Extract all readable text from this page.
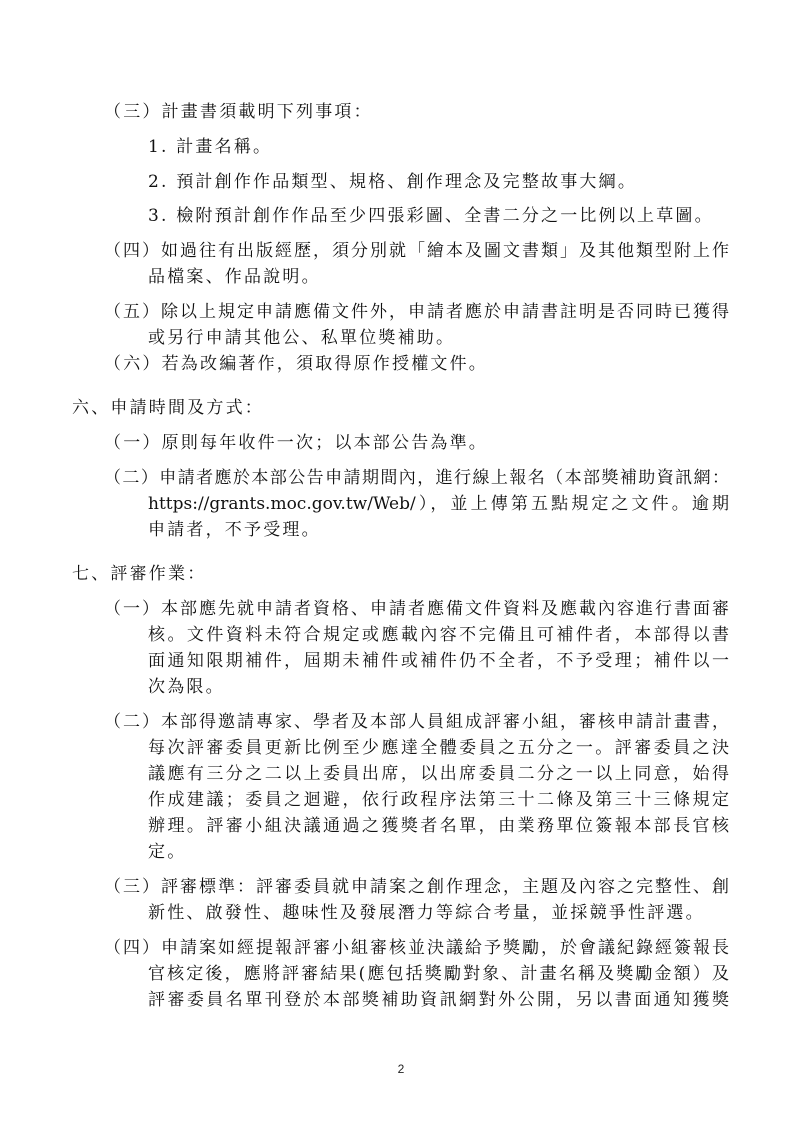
（三）計畫書須載明下列事項：
1. 計畫名稱。
2. 預計創作作品類型、規格、創作理念及完整故事大綱。
3. 檢附預計創作作品至少四張彩圖、全書二分之一比例以上草圖。
（四）如過往有出版經歷，須分別就「繪本及圖文書類」及其他類型附上作
品檔案、作品說明。
（五）除以上規定申請應備文件外，申請者應於申請書註明是否同時已獲得
或另行申請其他公、私單位獎補助。
（六）若為改編著作，須取得原作授權文件。
六、申請時間及方式：
（一）原則每年收件一次；以本部公告為準。
（二）申請者應於本部公告申請期間內，進行線上報名（本部獎補助資訊網：
https://grants.moc.gov.tw/Web/），並上傳第五點規定之文件。逾期
申請者，不予受理。
七、評審作業：
（一）本部應先就申請者資格、申請者應備文件資料及應載內容進行書面審
核。文件資料未符合規定或應載內容不完備且可補件者，本部得以書
面通知限期補件，屆期未補件或補件仍不全者，不予受理；補件以一
次為限。
（二）本部得邀請專家、學者及本部人員組成評審小組，審核申請計畫書，
每次評審委員更新比例至少應達全體委員之五分之一。評審委員之決
議應有三分之二以上委員出席，以出席委員二分之一以上同意，始得
作成建議；委員之迴避，依行政程序法第三十二條及第三十三條規定
辦理。評審小組決議通過之獲獎者名單，由業務單位簽報本部長官核
定。
（三）評審標準：評審委員就申請案之創作理念，主題及內容之完整性、創
新性、啟發性、趣味性及發展潛力等綜合考量，並採競爭性評選。
（四）申請案如經提報評審小組審核並決議給予獎勵，於會議紀錄經簽報長
官核定後，應將評審結果(應包括獎勵對象、計畫名稱及獎勵金額）及
評審委員名單刊登於本部獎補助資訊網對外公開，另以書面通知獲獎
2
